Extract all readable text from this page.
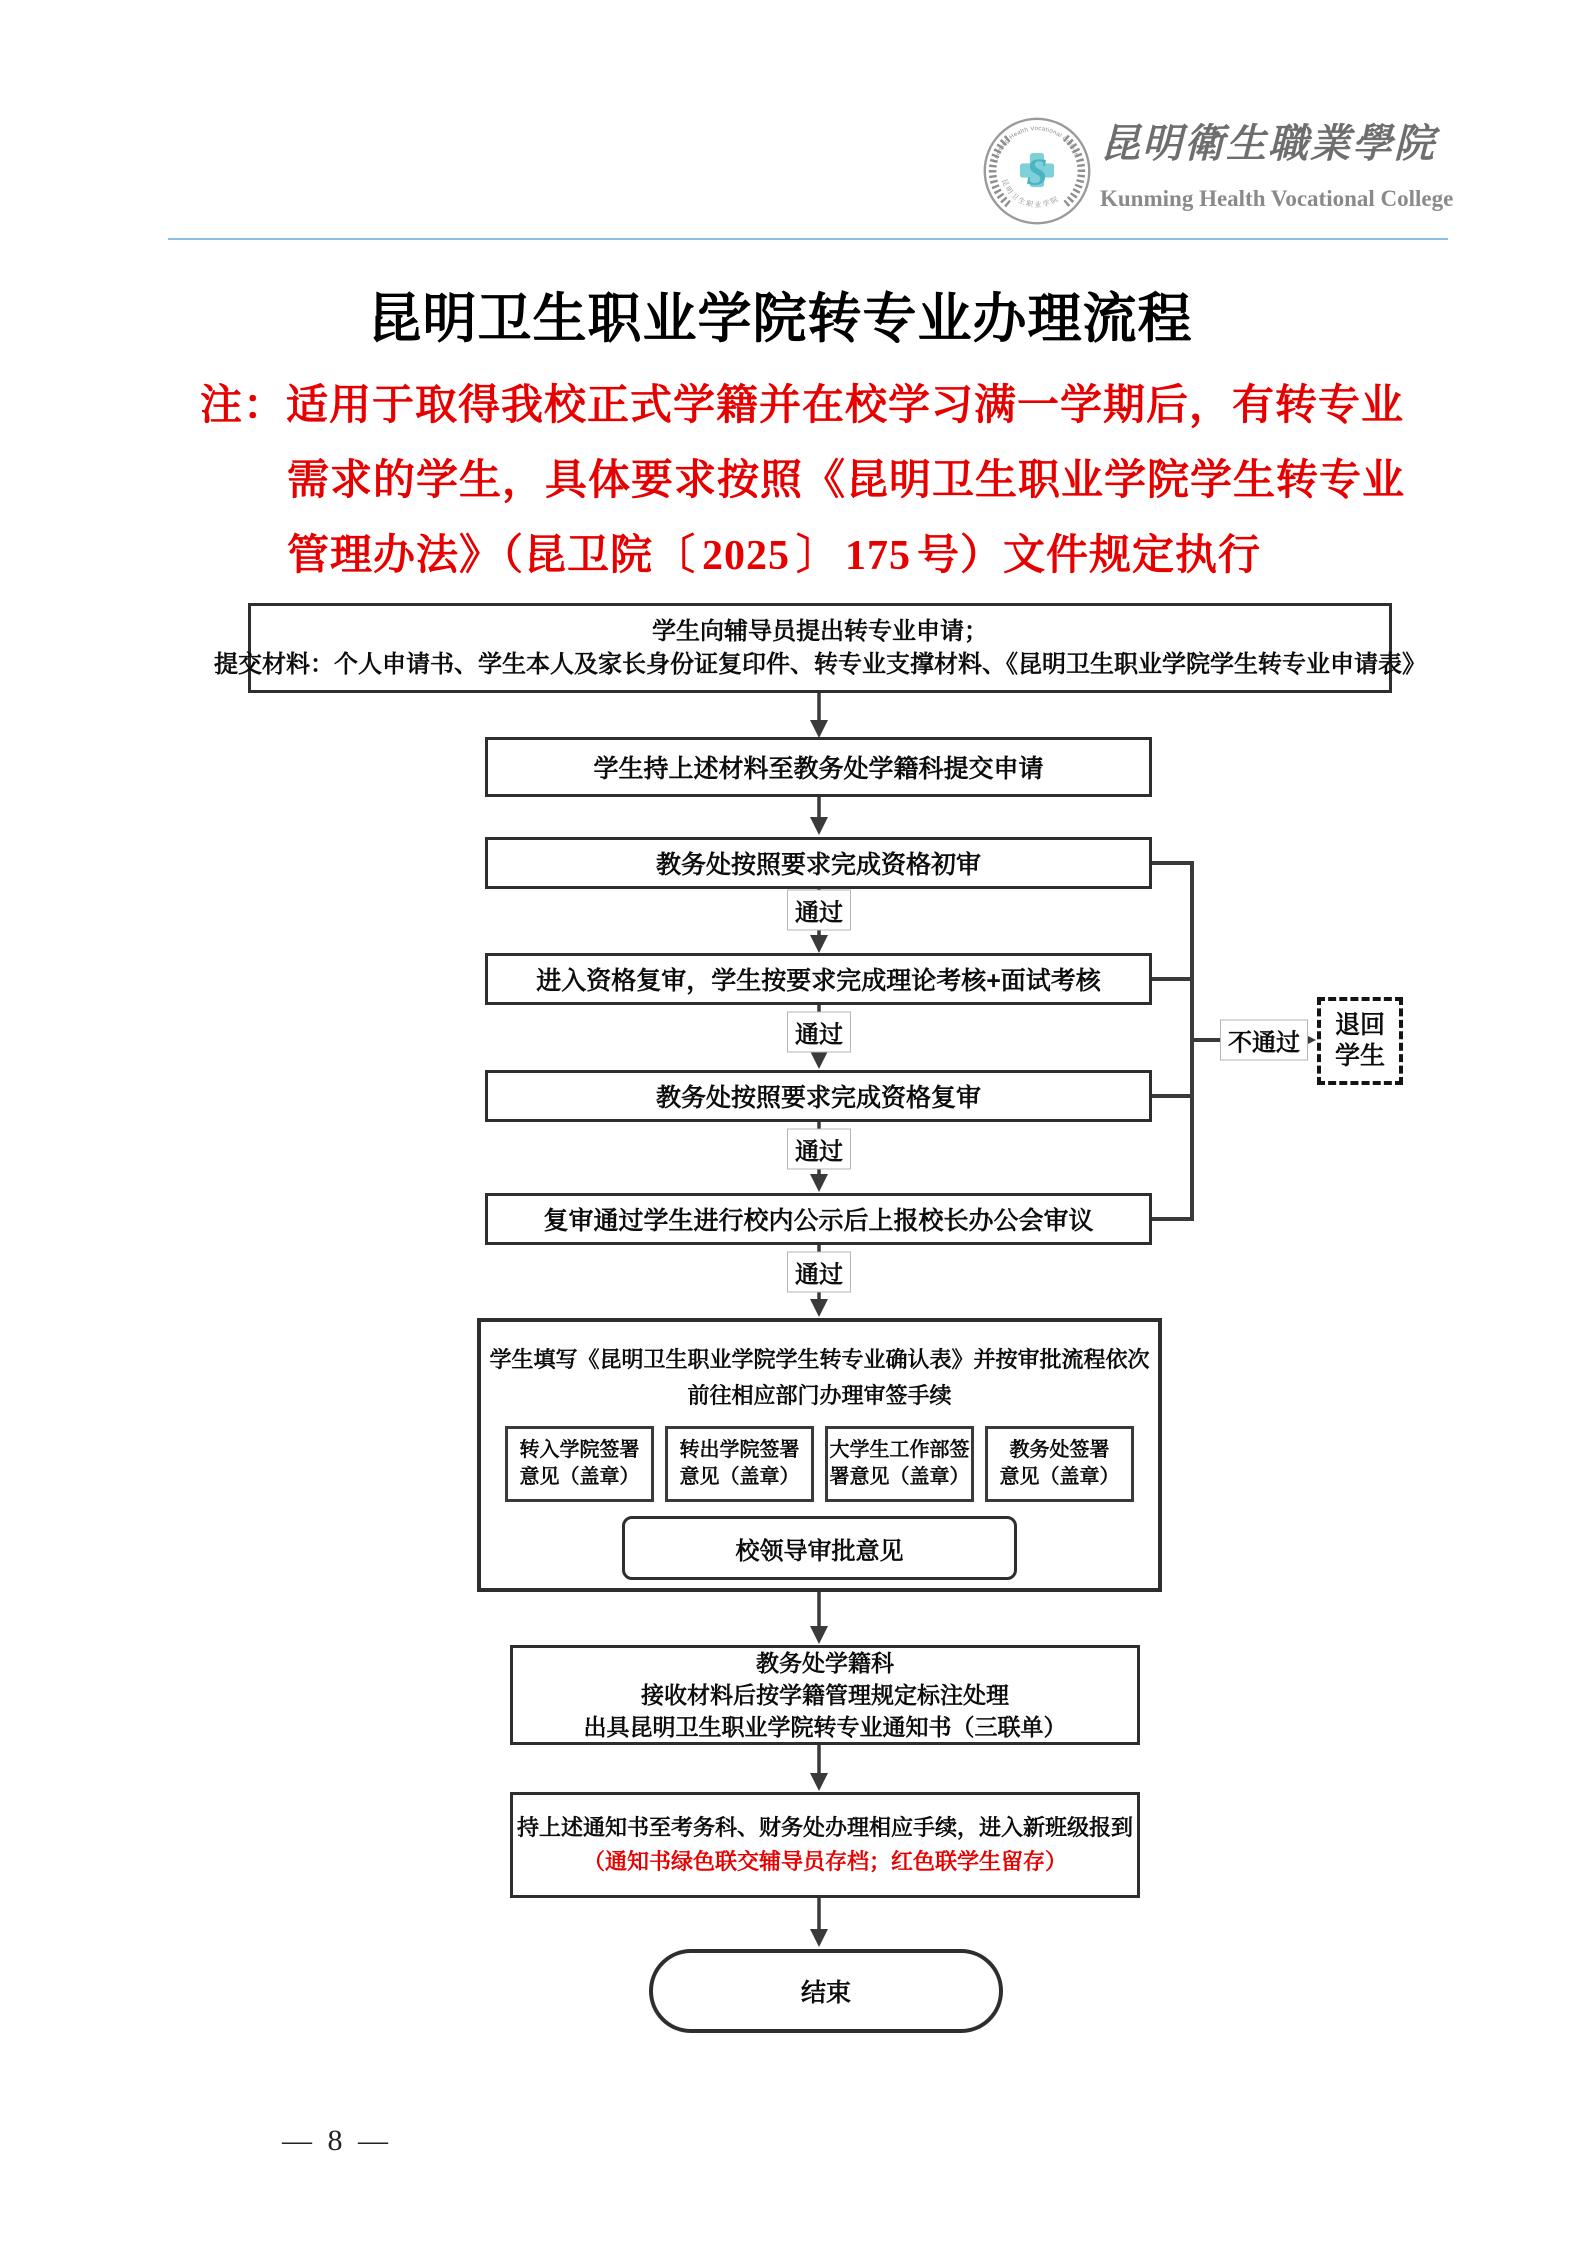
S
Kunming Health Vocational College
昆明卫生职业学院
昆明衛生職業學院
Kunming Health Vocational College
昆明卫生职业学院转专业办理流程
注：适用于取得我校正式学籍并在校学习满一学期后，有转专业
需求的学生，具体要求按照《昆明卫生职业学院学生转专业
管理办法》（昆卫院〔 2025 〕 175 号）文件规定执行
学生向辅导员提出转专业申请；
提交材料：个人申请书、学生本人及家长身份证复印件、转专业支撑材料、《昆明卫生职业学院学生转专业申请表》
学生持上述材料至教务处学籍科提交申请
教务处按照要求完成资格初审
进入资格复审，学生按要求完成理论考核+面试考核
教务处按照要求完成资格复审
复审通过学生进行校内公示后上报校长办公会审议
通过
通过
通过
通过
不通过
退回
学生
学生填写《昆明卫生职业学院学生转专业确认表》并按审批流程依次
前往相应部门办理审签手续
转入学院签署
意见（盖章）
转出学院签署
意见（盖章）
大学生工作部签
署意见（盖章）
教务处签署
意见（盖章）
校领导审批意见
教务处学籍科
接收材料后按学籍管理规定标注处理
出具昆明卫生职业学院转专业通知书（三联单）
持上述通知书至考务科、财务处办理相应手续，进入新班级报到
（通知书绿色联交辅导员存档；红色联学生留存）
结束
— 8 —
